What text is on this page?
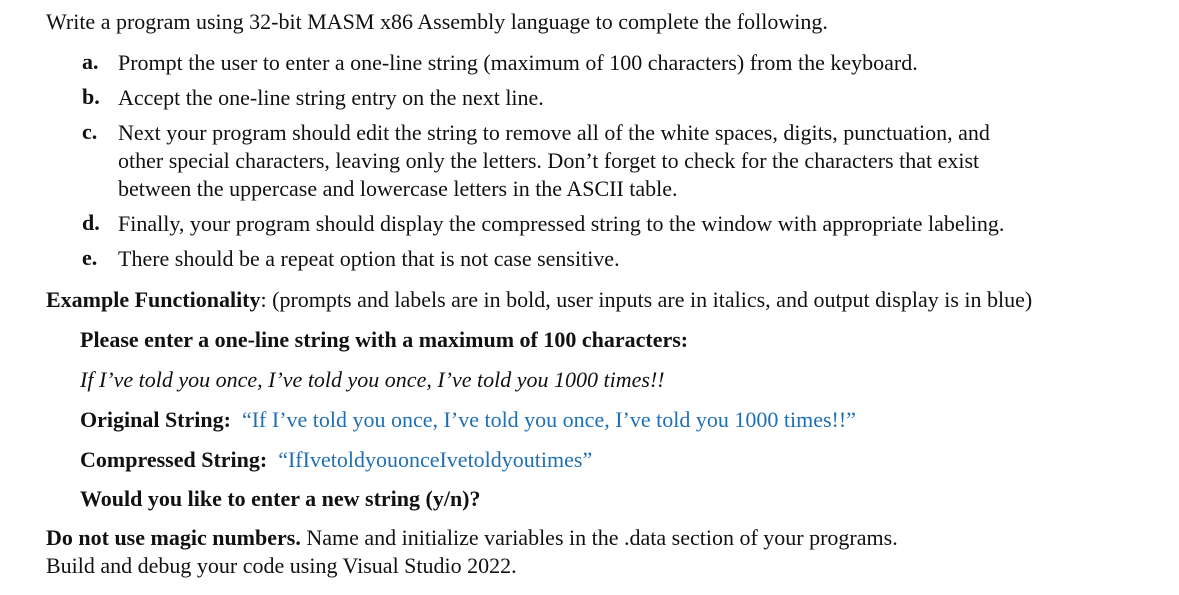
Write a program using 32-bit MASM x86 Assembly language to complete the following.
a. Prompt the user to enter a one-line string (maximum of 100 characters) from the keyboard.
b. Accept the one-line string entry on the next line.
c. Next your program should edit the string to remove all of the white spaces, digits, punctuation, and
other special characters, leaving only the letters. Don’t forget to check for the characters that exist
between the uppercase and lowercase letters in the ASCII table.
d. Finally, your program should display the compressed string to the window with appropriate labeling.
e. There should be a repeat option that is not case sensitive.
Example Functionality: (prompts and labels are in bold, user inputs are in italics, and output display is in blue)
Please enter a one-line string with a maximum of 100 characters:
If I’ve told you once, I’ve told you once, I’ve told you 1000 times!!
Original String: “If I’ve told you once, I’ve told you once, I’ve told you 1000 times!!”
Compressed String: “IfIvetoldyouonceIvetoldyoutimes”
Would you like to enter a new string (y/n)?
Do not use magic numbers. Name and initialize variables in the .data section of your programs.
Build and debug your code using Visual Studio 2022.
